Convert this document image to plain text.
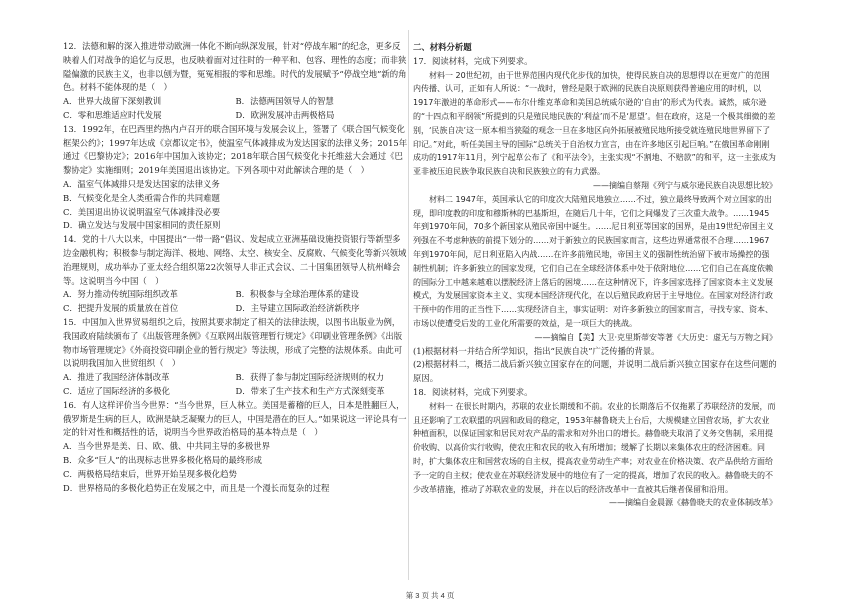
12．法德和解的深入推进带动欧洲一体化不断向纵深发展，针对“停战车厢”的纪念，更多反映着人们对战争的追忆与反思，也反映着面对过往时的一种平和、包容、理性的态度；而非狭隘偏激的民族主义，也非以刨为暨，冤冤相报的零和思维。时代的发展赋予“停战空地”新的角色。材料不能体现的是（　）

A．世界大战留下深刻教训	B．法德两国领导人的智慧

C．零和思维适应时代发展	D．欧洲发展冲击两极格局

13．1992年，在巴西里约热内卢召开的联合国环境与发展会议上，签署了《联合国气候变化框架公约》；1997年达成《京都议定书》，使温室气体减排成为发达国家的法律义务；2015年通过《巴黎协定》；2016年中国加入该协定；2018年联合国气候变化卡托维兹大会通过《巴黎协定》实施细则；2019年美国退出该协定。下列各项中对此解读合理的是（　）

A．温室气体减排只是发达国家的法律义务

B．气候变化是全人类亟需合作的共同难题

C．美国退出协议说明温室气体减排没必要

D．确立发达与发展中国家相同的责任原则

14．党的十八大以来，中国提出“一带一路”倡议、发起成立亚洲基础设施投资银行等新型多边金融机构；积极参与制定海洋、极地、网络、太空、核安全、反腐败、气候变化等新兴领域治理规则，成功举办了亚太经合组织第22次领导人非正式会议、二十国集团领导人杭州峰会等。这说明当今中国（　）

A．努力推动传统国际组织改革	B．积极参与全球治理体系的建设

C．把提升发展的质量放在首位	D．主导建立国际政治经济新秩序

15．中国加入世界贸易组织之后，按照其要求制定了相关的法律法规，以图书出版业为例，我国政府陆续颁布了《出版管理条例》《互联网出版管理暂行规定》《印刷业管理条例》《出版物市场管理规定》《外商投资印刷企业的暂行规定》等法规，形成了完整的法规体系。由此可以说明我国加入世贸组织（　）

A．推进了我国经济体制改革	B．获得了参与制定国际经济规则的权力

C．适应了国际经济的多极化	D．带来了生产技术和生产方式深刻变革

16．有人这样评价当今世界：“当今世界，巨人林立。美国是蓄稽的巨人，日本是胜翻巨人，俄罗斯是生病的巨人，欧洲是缺乏凝聚力的巨人，中国是潜在的巨人。”如果说这一评论具有一定的针对性和概括性的话，说明当今世界政治格局的基本特点是（　）

A．当今世界是美、日、欧、俄、中共同主导的多极世界

B．众多“巨人”的出现标志世界多极化格局的最终形成

C．两极格局结束后，世界开始呈现多极化趋势

D．世界格局的多极化趋势正在发展之中，而且是一个漫长而复杂的过程

二、材料分析题

17．阅读材料，完成下列要求。

材料一 20世纪初，由于世界范围内现代化步伐的加快，使得民族自决的思想得以在更宽广的范围内传播、认可，正如有人所说：“一战时，曾经是限于欧洲的民族自决原则获得普遍应用的时机，以1917年激进的革命形式——布尔什维克革命和美国总统威尔逊的‘自由’的形式为代表。诚然，威尔逊的“十四点和平纲领”所提到的只是殖民地民族的‘利益’而不是‘愿望’。但在政府，这是一个极其细微的差别，‘民族自决’这一原本相当狭隘的观念一旦在多地区向外拓展被殖民地所接受就连殖民地世界留下了印记。”对此，听任美国主导的国际“总统关于自治权力宣言，由在许多地区引起巨响。”在俄国革命刚刚成功的1917年11月，列宁起草公布了《和平法令》，主张实现“不割地、不赔款”的和平，这一主张成为亚非被压迫民族争取民族自决和民族独立的有力武器。

——摘编自蔡翔《列宁与威尔逊民族自决思想比较》

材料二 1947年，英国承认它的印度次大陆殖民地独立……不过，独立最终导致两个对立国家的出现，即印度教的印度和穆斯林的巴基斯坦，在随后几十年，它们之间爆发了三次重大战争。……1945年到1970年间，70多个新国家从殖民帝国中诞生。……尼日利亚等国家的国界，是由19世纪帝国主义列强在不考虑种族的前提下划分的……对于新独立的民族国家而言，这些边界通常很不合理……1967年到1970年间，尼日利亚陷入内战……在许多前殖民地，帝国主义的强制性统治留下被市场操控的强制性机制；许多新独立的国家发现，它们自己在全球经济体系中处于依附地位……它们自己在高度依赖的国际分工中越来越难以摆脱经济上落后的困境……在这种情况下，许多国家选择了国家资本主义发展模式，为发展国家资本主义、实现本国经济现代化，在以后殖民政府居于主导地位。在国家对经济行政干预中的作用的正当性下……实现经济自主，事实证明：对许多新独立的国家而言，寻找专家、资本、市场以使遭受后发的工业化所需要的效益，是一项巨大的挑战。

——摘编自【美】大卫·克里斯蒂安等著《大历史：虚无与万物之间》

(1)根据材料一并结合所学知识，指出“民族自决”广泛传播的背景。

(2)根据材料二，概括二战后新兴独立国家存在的问题，并说明二战后新兴独立国家存在这些问题的原因。

18．阅读材料，完成下列要求。

材料一 在很长时期内，苏联的农业长期缓和不前。农业的长期落后不仅拖累了苏联经济的发展，而且还影响了工农联盟的巩固和政局的稳定，1953年赫鲁晓夫上台后，大规模建立国营农场，扩大农业种植面积，以保证国家和居民对农产品的需求和对外出口的增长。赫鲁晓夫取消了义务交售制，采用提价收购、以高价实行收购，使农庄和农民的收入有所增加；缓解了长期以来集体农庄的经济困难。同时，扩大集体农庄和国营农场的自主权，提高农业劳动生产率；对农业在价格决策、农产品供给方面给予一定的自主权；使农业在苏联经济发展中的地位有了一定的提高，增加了农民的收入。赫鲁晓夫的不少改革措施，推动了苏联农业的发展，并在以后的经济改革中一直被其后继者保留和沿用。

——摘编自金晨源《赫鲁晓夫的农业体制改革》

第 3 页 共 4 页
